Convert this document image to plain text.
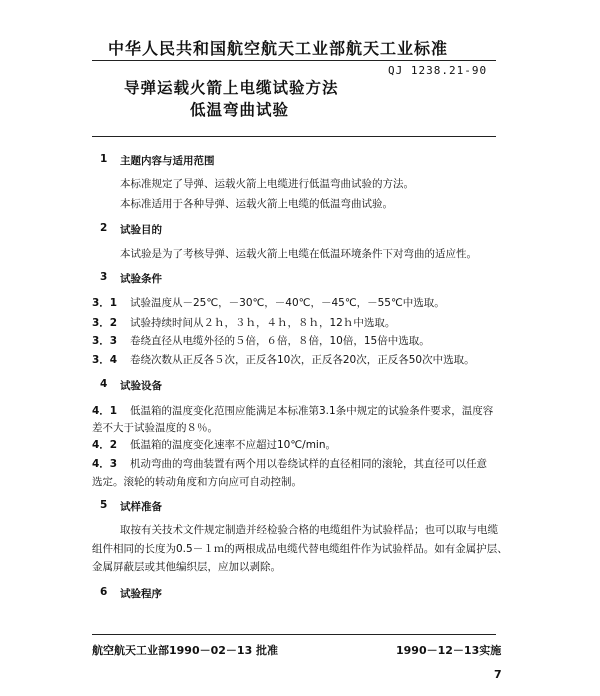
中华人民共和国航空航天工业部航天工业标准
QJ 1238.21-90
导弹运载火箭上电缆试验方法
低温弯曲试验
1 主题内容与适用范围
本标准规定了导弹、运载火箭上电缆进行低温弯曲试验的方法。
本标准适用于各种导弹、运载火箭上电缆的低温弯曲试验。
2 试验目的
本试验是为了考核导弹、运载火箭上电缆在低温环境条件下对弯曲的适应性。
3 试验条件
3．1 试验温度从－25℃，－30℃，－40℃，－45℃，－55℃中选取。
3．2 试验持续时间从２ｈ，３ｈ，４ｈ，８ｈ，12ｈ中选取。
3．3 卷绕直径从电缆外径的５倍，６倍，８倍，10倍，15倍中选取。
3．4 卷绕次数从正反各５次，正反各10次，正反各20次，正反各50次中选取。
4 试验设备
4．1 低温箱的温度变化范围应能满足本标准第3.1条中规定的试验条件要求，温度容
差不大于试验温度的８％。
4．2 低温箱的温度变化速率不应超过10℃/min。
4．3 机动弯曲的弯曲装置有两个用以卷绕试样的直径相同的滚轮，其直径可以任意
选定。滚轮的转动角度和方向应可自动控制。
5 试样准备
取按有关技术文件规定制造并经检验合格的电缆组件为试验样品；也可以取与电缆
组件相同的长度为0.5－１ｍ的两根成品电缆代替电缆组件作为试验样品。如有金属护层、
金属屏蔽层或其他编织层，应加以剥除。
6 试验程序
航空航天工业部1990－02－13 批准	1990－12－13实施
7
